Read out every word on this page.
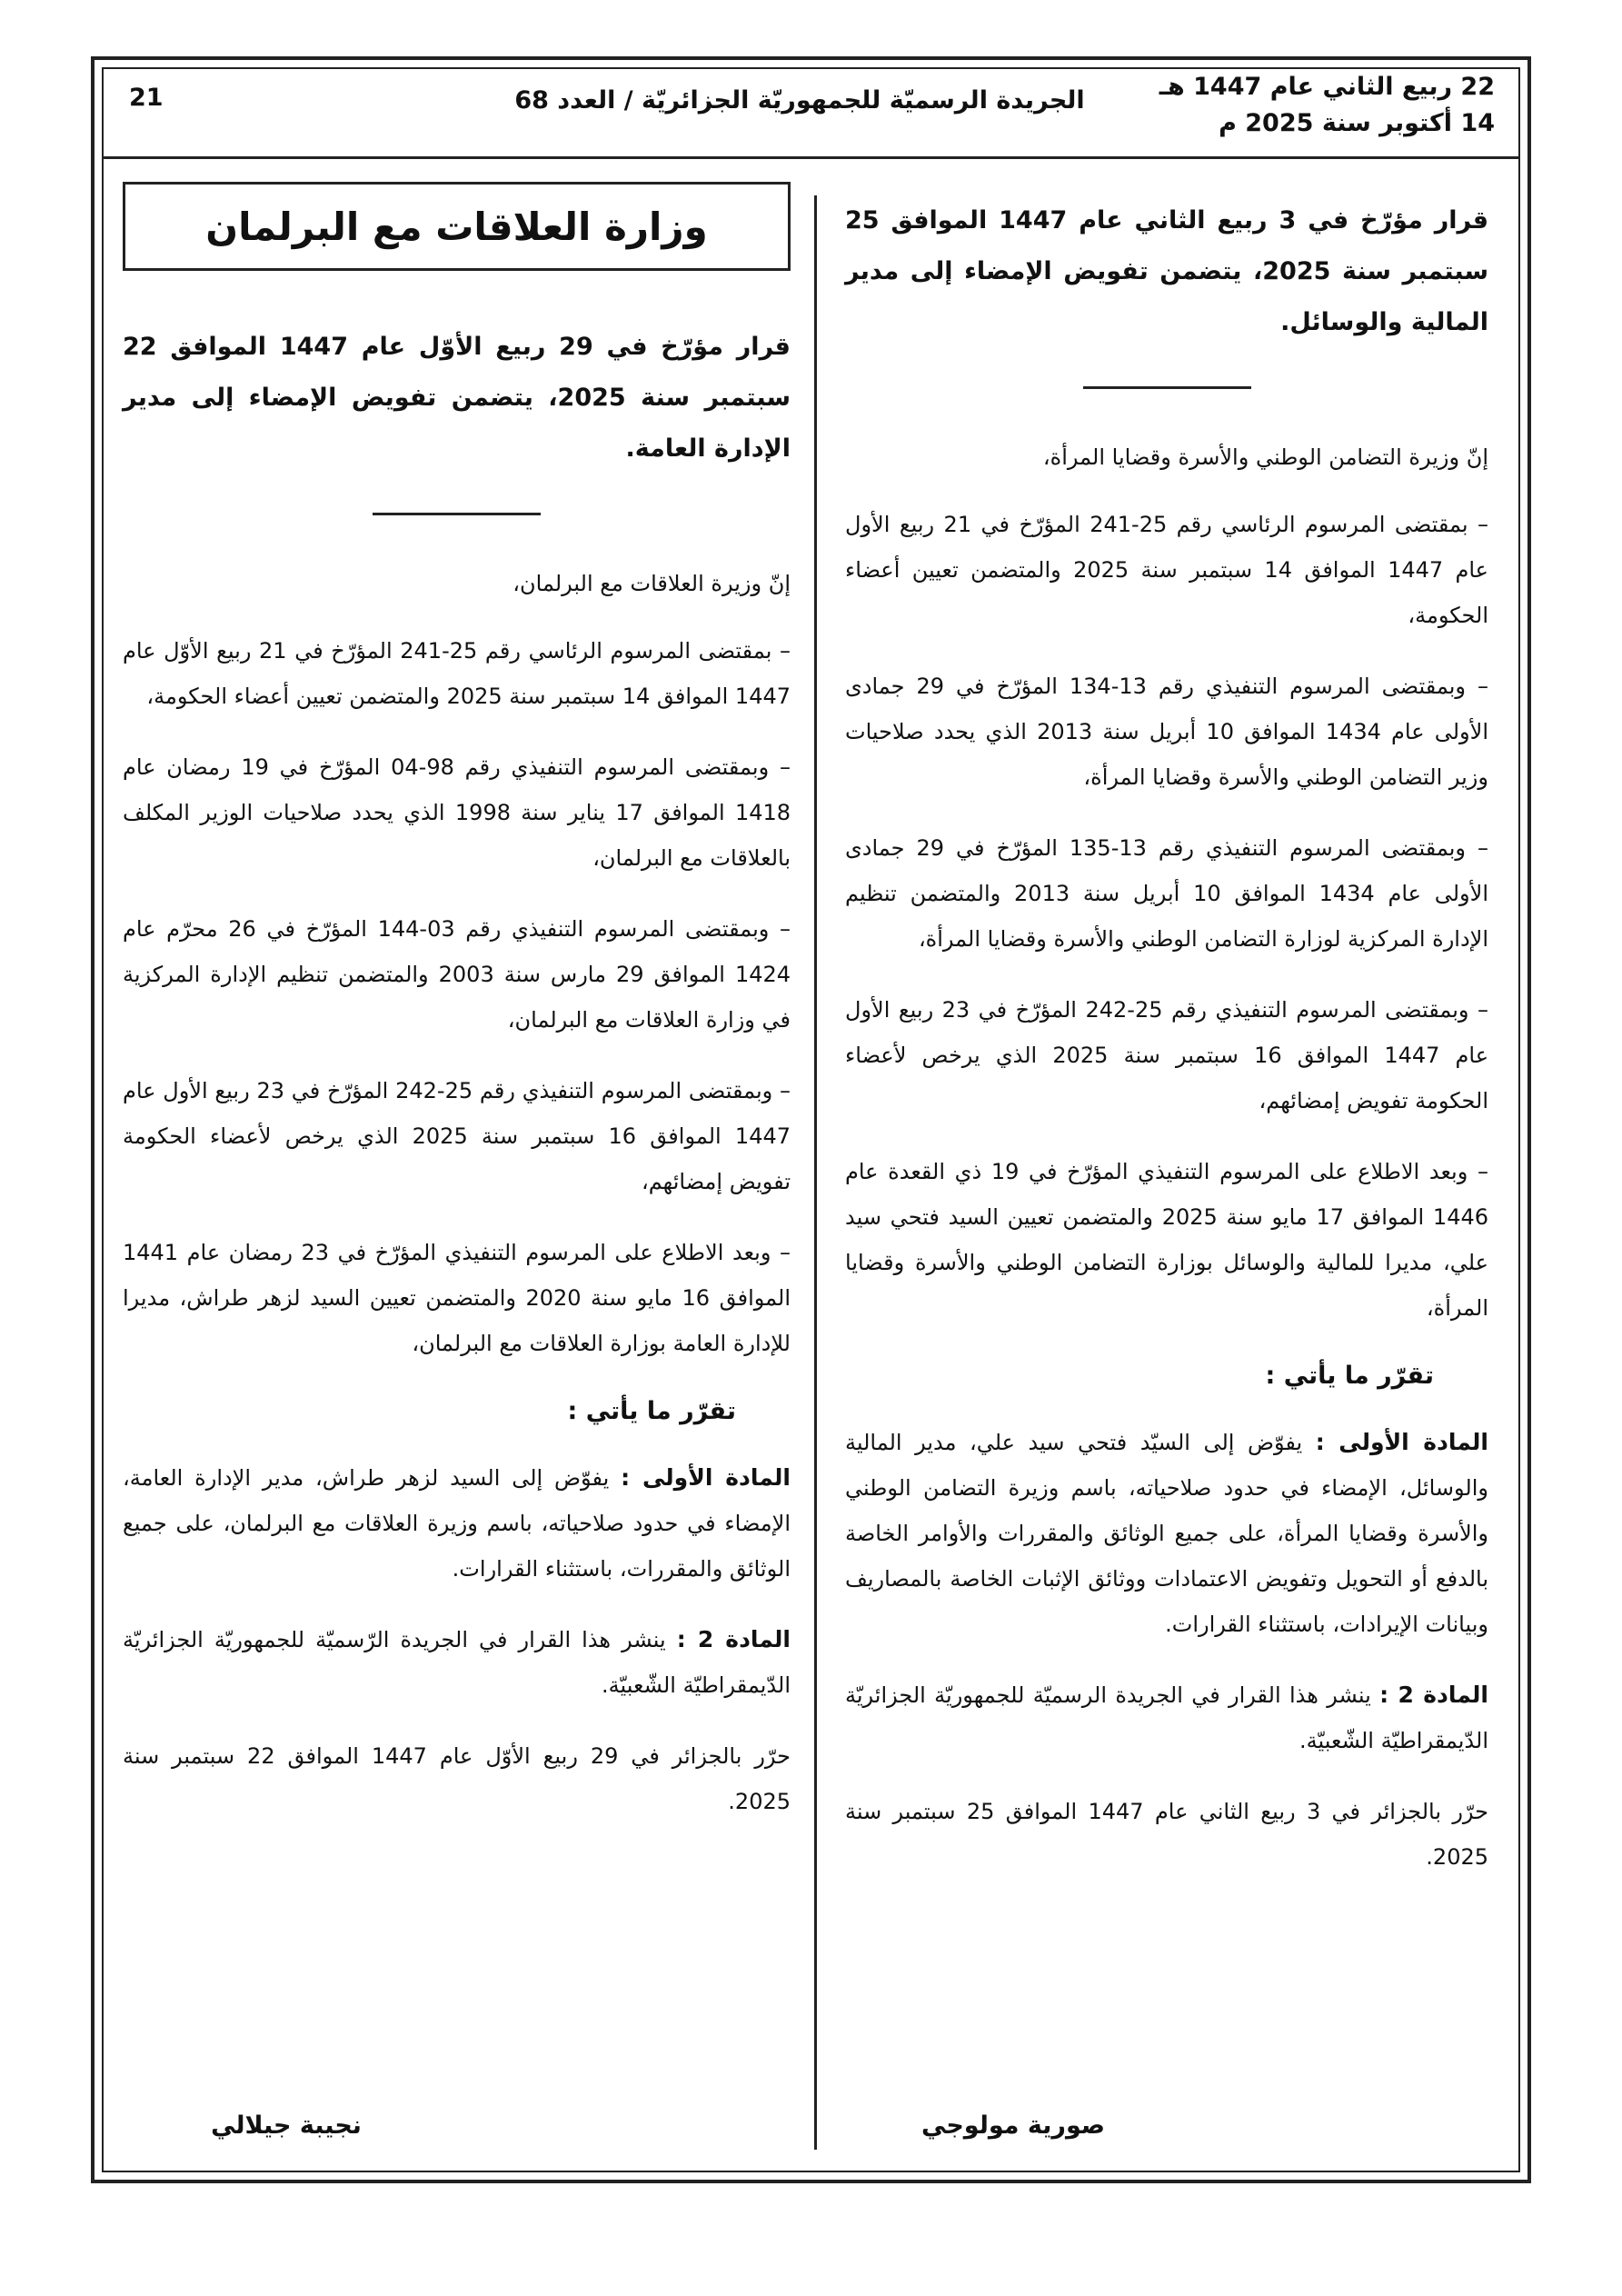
22 ربيع الثاني عام 1447 هـ
14 أكتوبر سنة 2025 م
الجريدة الرسميّة للجمهوريّة الجزائريّة / العدد 68
21

قرار مؤرّخ في 3 ربيع الثاني عام 1447 الموافق 25 سبتمبر سنة 2025، يتضمن تفويض الإمضاء إلى مدير المالية والوسائل.

إنّ وزيرة التضامن الوطني والأسرة وقضايا المرأة،

– بمقتضى المرسوم الرئاسي رقم 25-241 المؤرّخ في 21 ربيع الأول عام 1447 الموافق 14 سبتمبر سنة 2025 والمتضمن تعيين أعضاء الحكومة،

– وبمقتضى المرسوم التنفيذي رقم 13-134 المؤرّخ في 29 جمادى الأولى عام 1434 الموافق 10 أبريل سنة 2013 الذي يحدد صلاحيات وزير التضامن الوطني والأسرة وقضايا المرأة،

– وبمقتضى المرسوم التنفيذي رقم 13-135 المؤرّخ في 29 جمادى الأولى عام 1434 الموافق 10 أبريل سنة 2013 والمتضمن تنظيم الإدارة المركزية لوزارة التضامن الوطني والأسرة وقضايا المرأة،

– وبمقتضى المرسوم التنفيذي رقم 25-242 المؤرّخ في 23 ربيع الأول عام 1447 الموافق 16 سبتمبر سنة 2025 الذي يرخص لأعضاء الحكومة تفويض إمضائهم،

– وبعد الاطلاع على المرسوم التنفيذي المؤرّخ في 19 ذي القعدة عام 1446 الموافق 17 مايو سنة 2025 والمتضمن تعيين السيد فتحي سيد علي، مديرا للمالية والوسائل بوزارة التضامن الوطني والأسرة وقضايا المرأة،

تقرّر ما يأتي :

المادة الأولى : يفوّض إلى السيّد فتحي سيد علي، مدير المالية والوسائل، الإمضاء في حدود صلاحياته، باسم وزيرة التضامن الوطني والأسرة وقضايا المرأة، على جميع الوثائق والمقررات والأوامر الخاصة بالدفع أو التحويل وتفويض الاعتمادات ووثائق الإثبات الخاصة بالمصاريف وبيانات الإيرادات، باستثناء القرارات.

المادة 2 : ينشر هذا القرار في الجريدة الرسميّة للجمهوريّة الجزائريّة الدّيمقراطيّة الشّعبيّة.

حرّر بالجزائر في 3 ربيع الثاني عام 1447 الموافق 25 سبتمبر سنة 2025.

وزارة العلاقات مع البرلمان

قرار مؤرّخ في 29 ربيع الأوّل عام 1447 الموافق 22 سبتمبر سنة 2025، يتضمن تفويض الإمضاء إلى مدير الإدارة العامة.

إنّ وزيرة العلاقات مع البرلمان،

– بمقتضى المرسوم الرئاسي رقم 25-241 المؤرّخ في 21 ربيع الأوّل عام 1447 الموافق 14 سبتمبر سنة 2025 والمتضمن تعيين أعضاء الحكومة،

– وبمقتضى المرسوم التنفيذي رقم 98-04 المؤرّخ في 19 رمضان عام 1418 الموافق 17 يناير سنة 1998 الذي يحدد صلاحيات الوزير المكلف بالعلاقات مع البرلمان،

– وبمقتضى المرسوم التنفيذي رقم 03-144 المؤرّخ في 26 محرّم عام 1424 الموافق 29 مارس سنة 2003 والمتضمن تنظيم الإدارة المركزية في وزارة العلاقات مع البرلمان،

– وبمقتضى المرسوم التنفيذي رقم 25-242 المؤرّخ في 23 ربيع الأول عام 1447 الموافق 16 سبتمبر سنة 2025 الذي يرخص لأعضاء الحكومة تفويض إمضائهم،

– وبعد الاطلاع على المرسوم التنفيذي المؤرّخ في 23 رمضان عام 1441 الموافق 16 مايو سنة 2020 والمتضمن تعيين السيد لزهر طراش، مديرا للإدارة العامة بوزارة العلاقات مع البرلمان،

تقرّر ما يأتي :

المادة الأولى : يفوّض إلى السيد لزهر طراش، مدير الإدارة العامة، الإمضاء في حدود صلاحياته، باسم وزيرة العلاقات مع البرلمان، على جميع الوثائق والمقررات، باستثناء القرارات.

المادة 2 : ينشر هذا القرار في الجريدة الرّسميّة للجمهوريّة الجزائريّة الدّيمقراطيّة الشّعبيّة.

حرّر بالجزائر في 29 ربيع الأوّل عام 1447 الموافق 22 سبتمبر سنة 2025.

صورية مولوجي
نجيبة جيلالي
